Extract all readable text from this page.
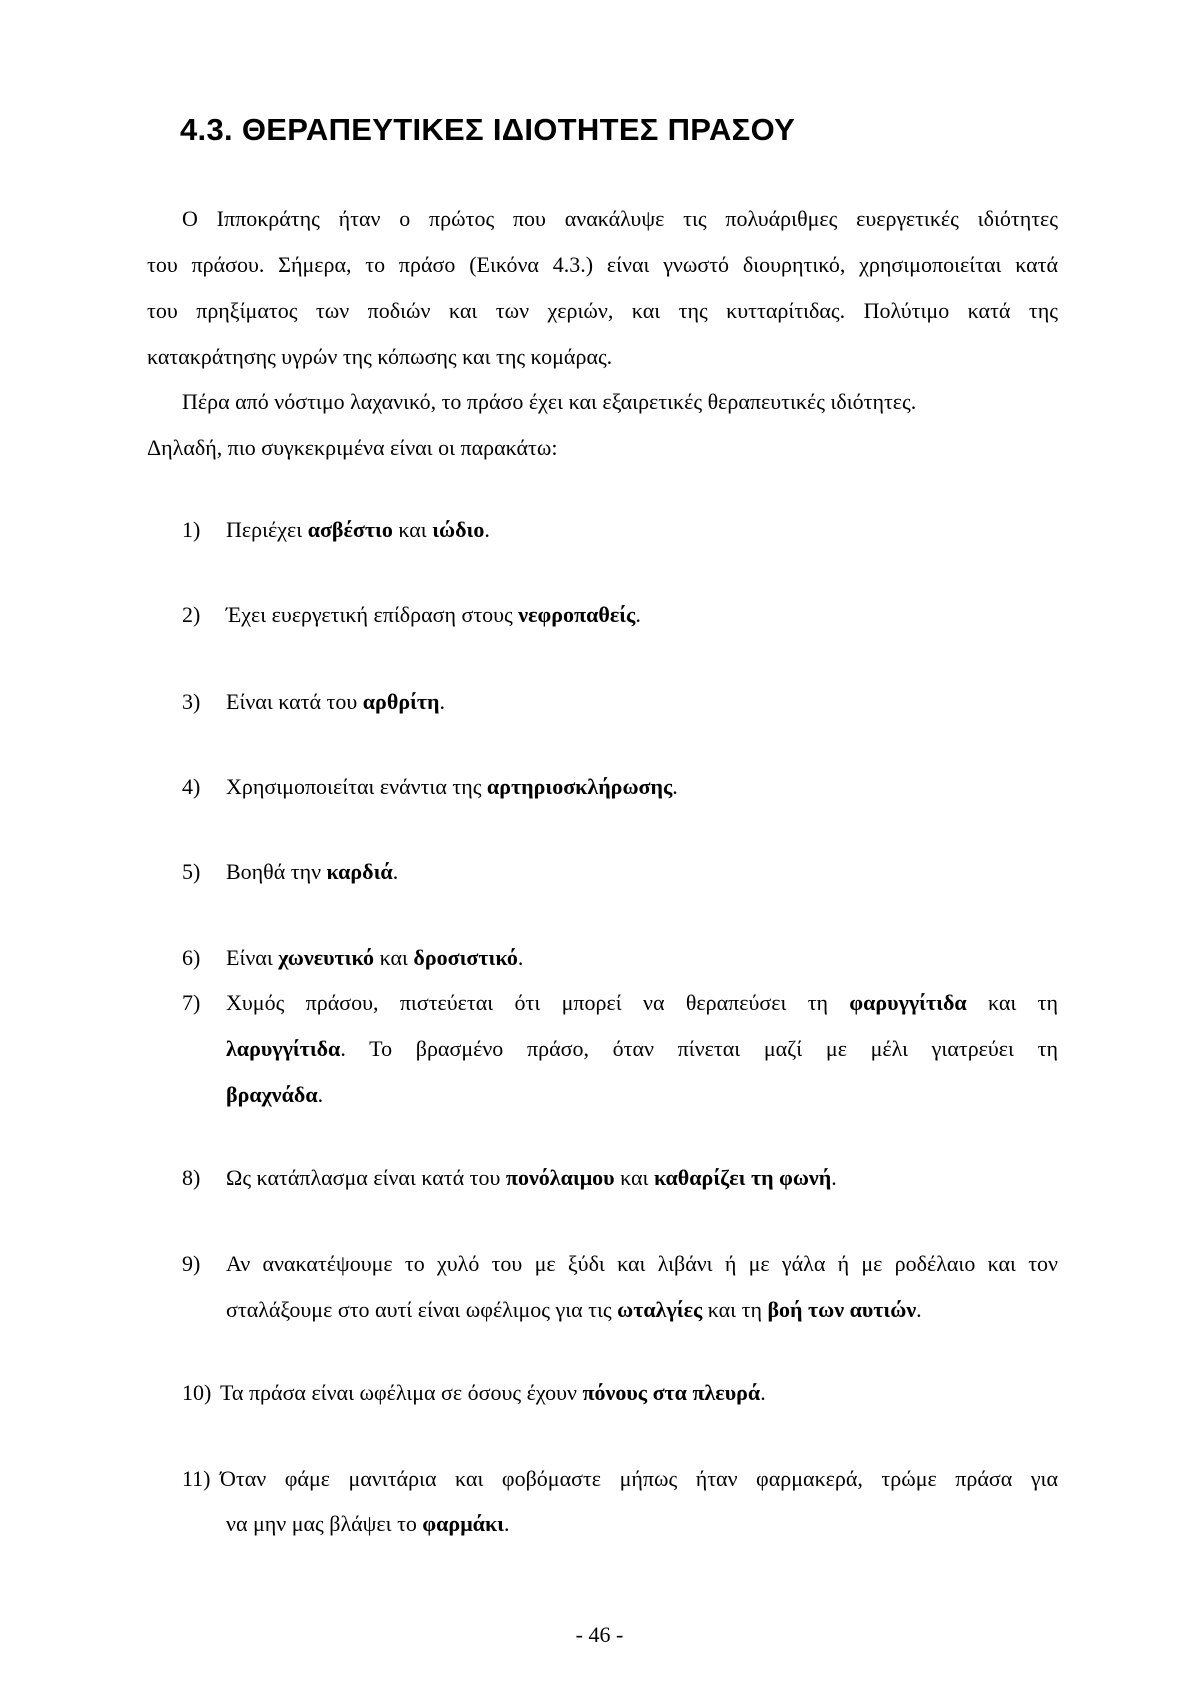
4.3. ΘΕΡΑΠΕΥΤΙΚΕΣ ΙΔΙΟΤΗΤΕΣ ΠΡΑΣΟΥ
Ο Ιπποκράτης ήταν ο πρώτος που ανακάλυψε τις πολυάριθμες ευεργετικές ιδιότητες
του πράσου. Σήμερα, το πράσο (Εικόνα 4.3.) είναι γνωστό διουρητικό, χρησιμοποιείται κατά
του πρηξίματος των ποδιών και των χεριών, και της κυτταρίτιδας. Πολύτιμο κατά της
κατακράτησης υγρών της κόπωσης και της κομάρας.
Πέρα από νόστιμο λαχανικό, το πράσο έχει και εξαιρετικές θεραπευτικές ιδιότητες.
Δηλαδή, πιο συγκεκριμένα είναι οι παρακάτω:
1) Περιέχει ασβέστιο και ιώδιο.
2) Έχει ευεργετική επίδραση στους νεφροπαθείς.
3) Είναι κατά του αρθρίτη.
4) Χρησιμοποιείται ενάντια της αρτηριοσκλήρωσης.
5) Βοηθά την καρδιά.
6) Είναι χωνευτικό και δροσιστικό.
7) Χυμός πράσου, πιστεύεται ότι μπορεί να θεραπεύσει τη φαρυγγίτιδα και τη
λαρυγγίτιδα. Το βρασμένο πράσο, όταν πίνεται μαζί με μέλι γιατρεύει τη
βραχνάδα.
8) Ως κατάπλασμα είναι κατά του πονόλαιμου και καθαρίζει τη φωνή.
9) Αν ανακατέψουμε το χυλό του με ξύδι και λιβάνι ή με γάλα ή με ροδέλαιο και τον
σταλάξουμε στο αυτί είναι ωφέλιμος για τις ωταλγίες και τη βοή των αυτιών.
10) Τα πράσα είναι ωφέλιμα σε όσους έχουν πόνους στα πλευρά.
11) Όταν φάμε μανιτάρια και φοβόμαστε μήπως ήταν φαρμακερά, τρώμε πράσα για
να μην μας βλάψει το φαρμάκι.
- 46 -
